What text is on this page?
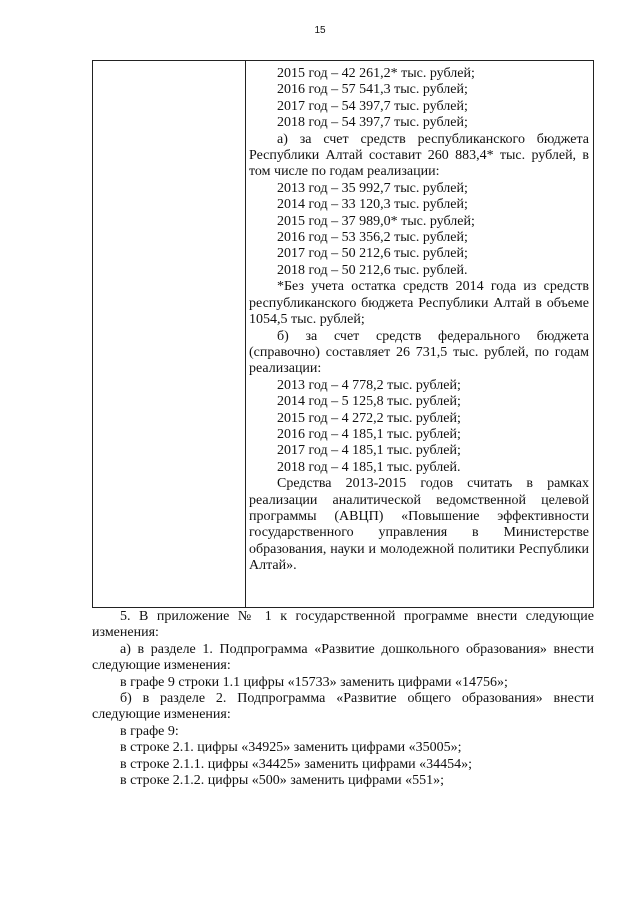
15

2015 год – 42 261,2* тыс. рублей;

2016 год – 57 541,3 тыс. рублей;

2017 год – 54 397,7 тыс. рублей;

2018 год – 54 397,7 тыс. рублей;

а) за счет средств республиканского бюджета Республики Алтай составит 260 883,4* тыс. рублей, в том числе по годам реализации:

2013 год – 35 992,7 тыс. рублей;

2014 год – 33 120,3 тыс. рублей;

2015 год – 37 989,0* тыс. рублей;

2016 год – 53 356,2 тыс. рублей;

2017 год – 50 212,6 тыс. рублей;

2018 год – 50 212,6 тыс. рублей.

*Без учета остатка средств 2014 года из средств республиканского бюджета Республики Алтай в объеме 1054,5 тыс. рублей;

б) за счет средств федерального бюджета (справочно) составляет 26 731,5 тыс. рублей, по годам реализации:

2013 год – 4 778,2 тыс. рублей;

2014 год – 5 125,8 тыс. рублей;

2015 год – 4 272,2 тыс. рублей;

2016 год – 4 185,1 тыс. рублей;

2017 год – 4 185,1 тыс. рублей;

2018 год – 4 185,1 тыс. рублей.

Средства 2013-2015 годов считать в рамках реализации аналитической ведомственной целевой программы (АВЦП) «Повышение эффективности государственного управления в Министерстве образования, науки и молодежной политики Республики Алтай».

5. В приложение № 1 к государственной программе внести следующие изменения:

а) в разделе 1. Подпрограмма «Развитие дошкольного образования» внести следующие изменения:

в графе 9 строки 1.1 цифры «15733» заменить цифрами «14756»;

б) в разделе 2. Подпрограмма «Развитие общего образования» внести следующие изменения:

в графе 9:

в строке 2.1. цифры «34925» заменить цифрами «35005»;

в строке 2.1.1. цифры «34425» заменить цифрами «34454»;

в строке 2.1.2. цифры «500» заменить цифрами «551»;
